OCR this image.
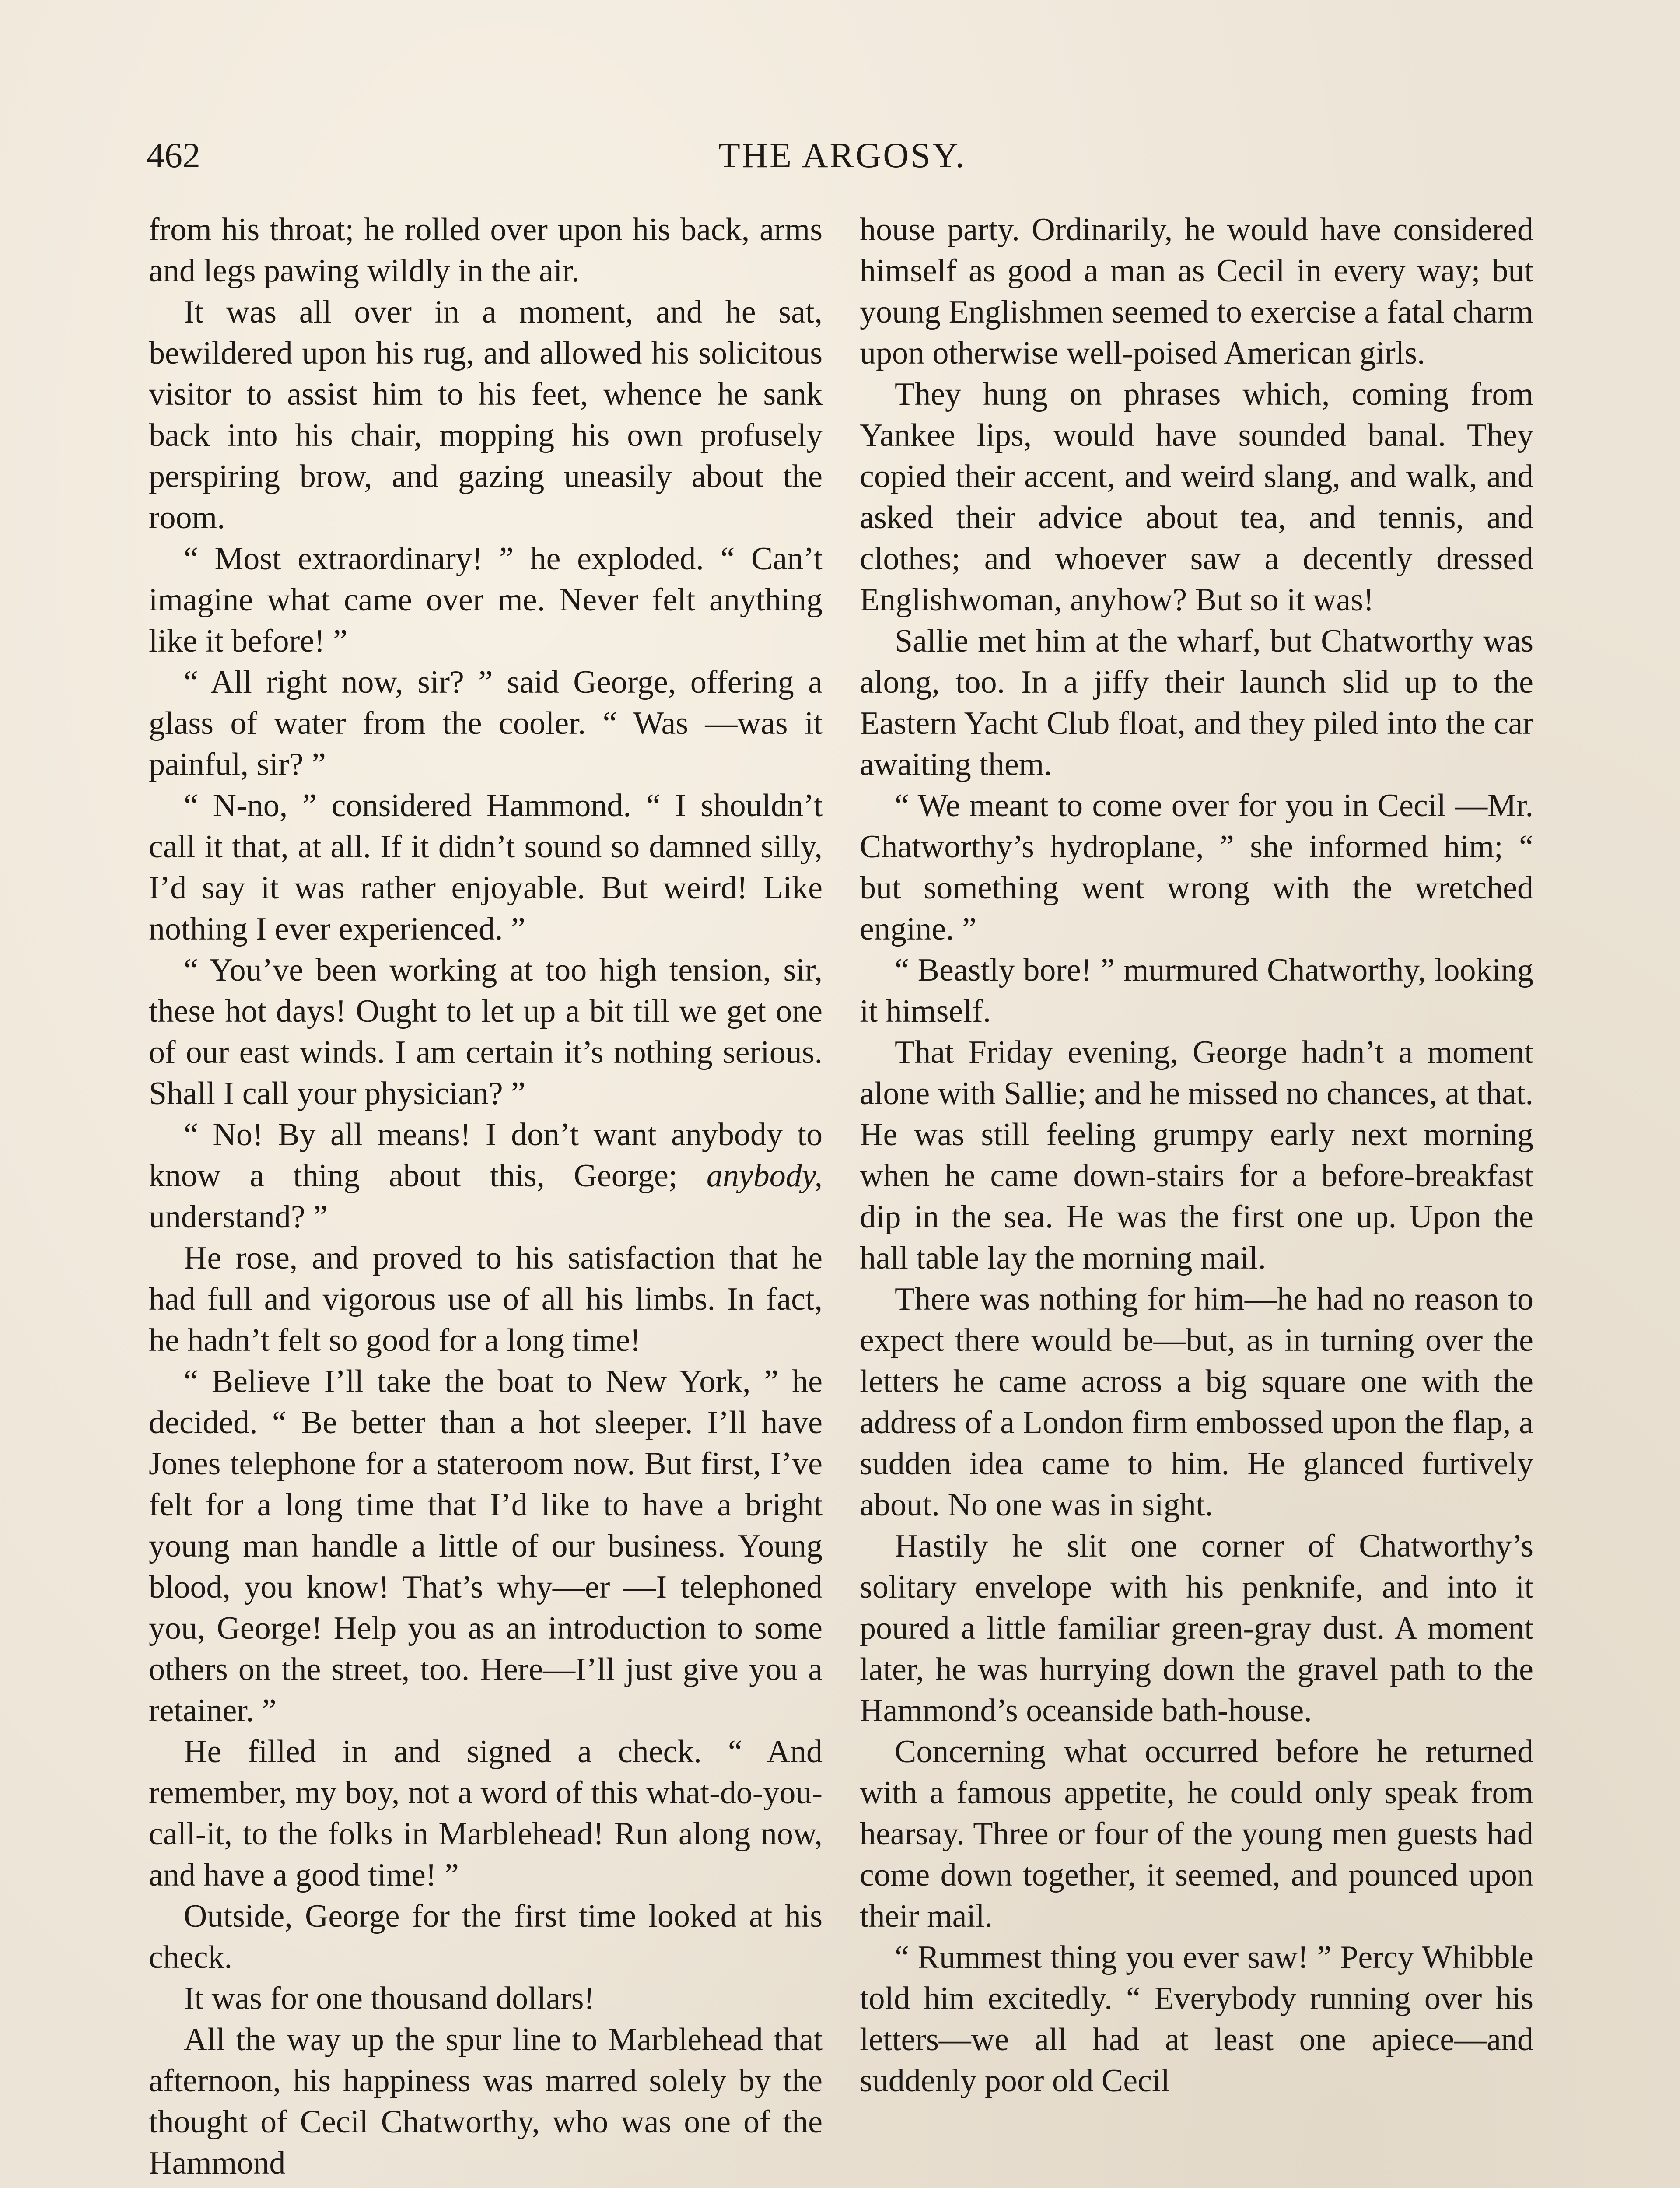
462	THE ARGOSY.

from his throat; he rolled over upon his back, arms and legs pawing wildly in the air.

It was all over in a moment, and he sat, bewildered upon his rug, and allowed his solicitous visitor to assist him to his feet, whence he sank back into his chair, mopping his own profusely perspiring brow, and gazing uneasily about the room.

“ Most extraordinary! ” he exploded. “ Can’t imagine what came over me. Never felt anything like it before! ”

“ All right now, sir? ” said George, offering a glass of water from the cooler. “ Was —was it painful, sir? ”

“ N-no, ” considered Hammond. “ I shouldn’t call it that, at all. If it didn’t sound so damned silly, I’d say it was rather enjoyable. But weird! Like nothing I ever experienced. ”

“ You’ve been working at too high tension, sir, these hot days! Ought to let up a bit till we get one of our east winds. I am certain it’s nothing serious. Shall I call your physician? ”

“ No! By all means! I don’t want anybody to know a thing about this, George; anybody, understand? ”

He rose, and proved to his satisfaction that he had full and vigorous use of all his limbs. In fact, he hadn’t felt so good for a long time!

“ Believe I’ll take the boat to New York, ” he decided. “ Be better than a hot sleeper. I’ll have Jones telephone for a stateroom now. But first, I’ve felt for a long time that I’d like to have a bright young man handle a little of our business. Young blood, you know! That’s why—er —I telephoned you, George! Help you as an introduction to some others on the street, too. Here—I’ll just give you a retainer. ”

He filled in and signed a check. “ And remember, my boy, not a word of this what-do-you-call-it, to the folks in Marblehead! Run along now, and have a good time! ”

Outside, George for the first time looked at his check.

It was for one thousand dollars!

All the way up the spur line to Marblehead that afternoon, his happiness was marred solely by the thought of Cecil Chatworthy, who was one of the Hammond

house party. Ordinarily, he would have considered himself as good a man as Cecil in every way; but young Englishmen seemed to exercise a fatal charm upon otherwise well-poised American girls.

They hung on phrases which, coming from Yankee lips, would have sounded banal. They copied their accent, and weird slang, and walk, and asked their advice about tea, and tennis, and clothes; and whoever saw a decently dressed Englishwoman, anyhow? But so it was!

Sallie met him at the wharf, but Chatworthy was along, too. In a jiffy their launch slid up to the Eastern Yacht Club float, and they piled into the car awaiting them.

“ We meant to come over for you in Cecil —Mr. Chatworthy’s hydroplane, ” she informed him; “ but something went wrong with the wretched engine. ”

“ Beastly bore! ” murmured Chatworthy, looking it himself.

That Friday evening, George hadn’t a moment alone with Sallie; and he missed no chances, at that. He was still feeling grumpy early next morning when he came down-stairs for a before-breakfast dip in the sea. He was the first one up. Upon the hall table lay the morning mail.

There was nothing for him—he had no reason to expect there would be—but, as in turning over the letters he came across a big square one with the address of a London firm embossed upon the flap, a sudden idea came to him. He glanced furtively about. No one was in sight.

Hastily he slit one corner of Chatworthy’s solitary envelope with his penknife, and into it poured a little familiar green-gray dust. A moment later, he was hurrying down the gravel path to the Hammond’s oceanside bath-house.

Concerning what occurred before he returned with a famous appetite, he could only speak from hearsay. Three or four of the young men guests had come down together, it seemed, and pounced upon their mail.

“ Rummest thing you ever saw! ” Percy Whibble told him excitedly. “ Everybody running over his letters—we all had at least one apiece—and suddenly poor old Cecil
